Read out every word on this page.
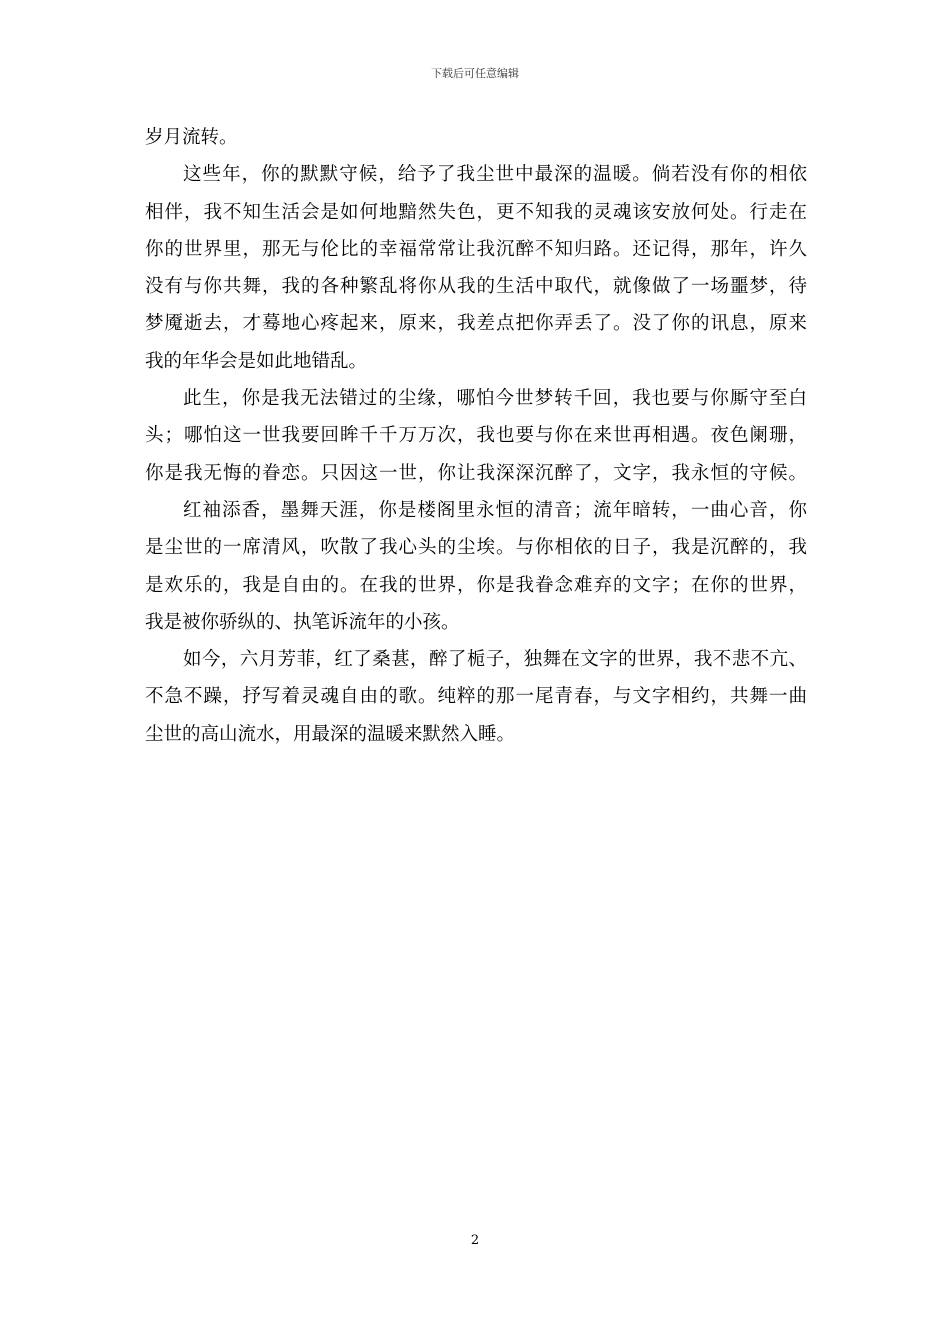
下载后可任意编辑
岁月流转。
这些年，你的默默守候，给予了我尘世中最深的温暖。倘若没有你的相依
相伴，我不知生活会是如何地黯然失色，更不知我的灵魂该安放何处。行走在
你的世界里，那无与伦比的幸福常常让我沉醉不知归路。还记得，那年，许久
没有与你共舞，我的各种繁乱将你从我的生活中取代，就像做了一场噩梦，待
梦魇逝去，才蓦地心疼起来，原来，我差点把你弄丢了。没了你的讯息，原来
我的年华会是如此地错乱。
此生，你是我无法错过的尘缘，哪怕今世梦转千回，我也要与你厮守至白
头；哪怕这一世我要回眸千千万万次，我也要与你在来世再相遇。夜色阑珊，
你是我无悔的眷恋。只因这一世，你让我深深沉醉了，文字，我永恒的守候。
红袖添香，墨舞天涯，你是楼阁里永恒的清音；流年暗转，一曲心音，你
是尘世的一席清风，吹散了我心头的尘埃。与你相依的日子，我是沉醉的，我
是欢乐的，我是自由的。在我的世界，你是我眷念难弃的文字；在你的世界，
我是被你骄纵的、执笔诉流年的小孩。
如今，六月芳菲，红了桑葚，醉了栀子，独舞在文字的世界，我不悲不亢、
不急不躁，抒写着灵魂自由的歌。纯粹的那一尾青春，与文字相约，共舞一曲
尘世的高山流水，用最深的温暖来默然入睡。
2
